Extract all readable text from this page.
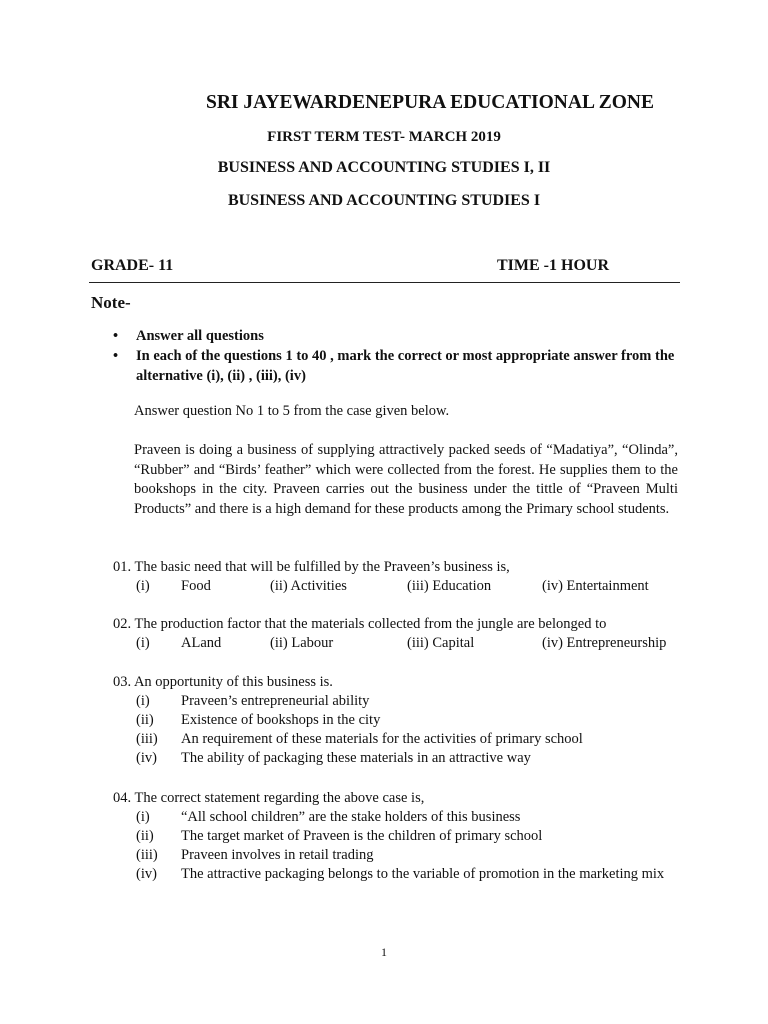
SRI JAYEWARDENEPURA EDUCATIONAL ZONE
FIRST TERM TEST- MARCH 2019
BUSINESS AND ACCOUNTING STUDIES I, II
BUSINESS AND ACCOUNTING STUDIES I
GRADE- 11	TIME -1 HOUR
Note-
• Answer all questions
• In each of the questions 1 to 40 , mark the correct or most appropriate answer from the alternative (i), (ii) , (iii), (iv)
Answer question No 1 to 5 from the case given below.
Praveen is doing a business of supplying attractively packed seeds of “Madatiya”, “Olinda”, “Rubber” and “Birds’ feather” which were collected from the forest. He supplies them to the bookshops in the city. Praveen carries out the business under the tittle of “Praveen Multi Products” and there is a high demand for these products among the Primary school students.
01. The basic need that will be fulfilled by the Praveen’s business is,
(i) Food	(ii) Activities	(iii) Education	(iv) Entertainment
02. The production factor that the materials collected from the jungle are belonged to
(i) ALand	(ii) Labour	(iii) Capital	(iv) Entrepreneurship
03. An opportunity of this business is.
(i) Praveen’s entrepreneurial ability
(ii) Existence of bookshops in the city
(iii) An requirement of these materials for the activities of primary school
(iv) The ability of packaging these materials in an attractive way
04. The correct statement regarding the above case is,
(i) “All school children” are the stake holders of this business
(ii) The target market of Praveen is the children of primary school
(iii) Praveen involves in retail trading
(iv) The attractive packaging belongs to the variable of promotion in the marketing mix
1
